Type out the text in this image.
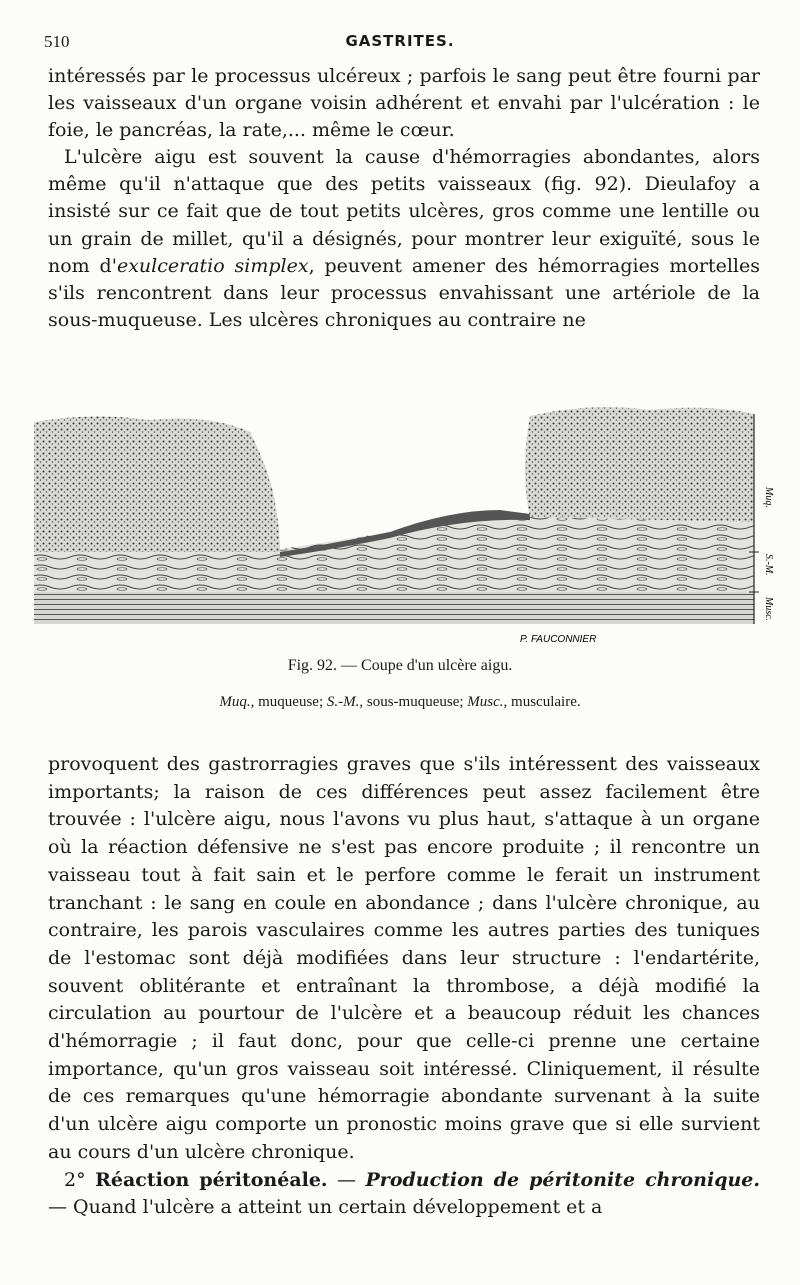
510	GASTRITES.

intéressés par le processus ulcéreux ; parfois le sang peut être fourni par les vaisseaux d'un organe voisin adhérent et envahi par l'ulcération : le foie, le pancréas, la rate,... même le cœur.

L'ulcère aigu est souvent la cause d'hémorragies abondantes, alors même qu'il n'attaque que des petits vaisseaux (fig. 92). Dieulafoy a insisté sur ce fait que de tout petits ulcères, gros comme une lentille ou un grain de millet, qu'il a désignés, pour montrer leur exiguïté, sous le nom d'exulceratio simplex, peuvent amener des hémorragies mortelles s'ils rencontrent dans leur processus envahissant une artériole de la sous-muqueuse. Les ulcères chroniques au contraire ne

Muq.
S.-M.
Musc.
P. FAUCONNIER
Fig. 92. — Coupe d'un ulcère aigu.
Muq., muqueuse; S.-M., sous-muqueuse; Musc., musculaire.

provoquent des gastrorragies graves que s'ils intéressent des vaisseaux importants; la raison de ces différences peut assez facilement être trouvée : l'ulcère aigu, nous l'avons vu plus haut, s'attaque à un organe où la réaction défensive ne s'est pas encore produite ; il rencontre un vaisseau tout à fait sain et le perfore comme le ferait un instrument tranchant : le sang en coule en abondance ; dans l'ulcère chronique, au contraire, les parois vasculaires comme les autres parties des tuniques de l'estomac sont déjà modifiées dans leur structure : l'endartérite, souvent oblitérante et entraînant la thrombose, a déjà modifié la circulation au pourtour de l'ulcère et a beaucoup réduit les chances d'hémorragie ; il faut donc, pour que celle-ci prenne une certaine importance, qu'un gros vaisseau soit intéressé. Cliniquement, il résulte de ces remarques qu'une hémorragie abondante survenant à la suite d'un ulcère aigu comporte un pronostic moins grave que si elle survient au cours d'un ulcère chronique.

2° Réaction péritonéale. — Production de péritonite chronique. — Quand l'ulcère a atteint un certain développement et a
